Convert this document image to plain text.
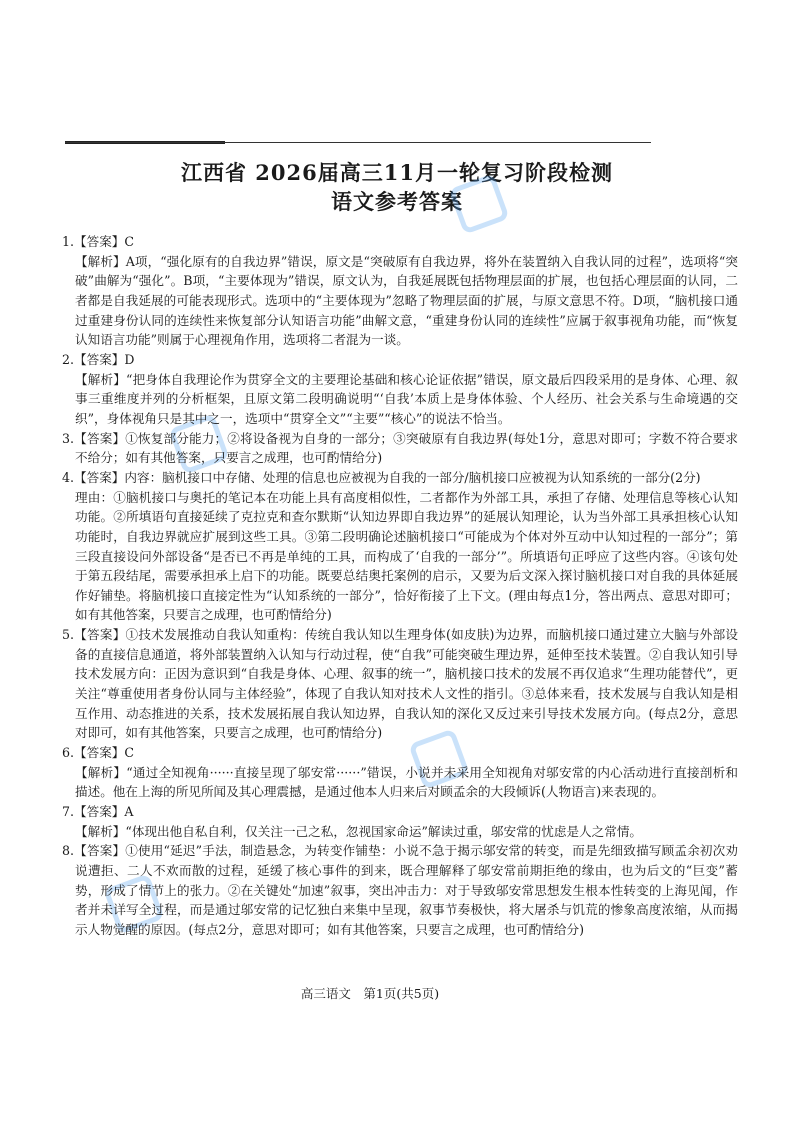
江西省 2026届高三11月一轮复习阶段检测
语文参考答案

1.【答案】C

【解析】A项，“强化原有的自我边界”错误，原文是“突破原有自我边界，将外在装置纳入自我认同的过程”，选项将“突破”曲解为“强化”。B项，“主要体现为”错误，原文认为，自我延展既包括物理层面的扩展，也包括心理层面的认同，二者都是自我延展的可能表现形式。选项中的“主要体现为”忽略了物理层面的扩展，与原文意思不符。D项，“脑机接口通过重建身份认同的连续性来恢复部分认知语言功能”曲解文意，“重建身份认同的连续性”应属于叙事视角功能，而“恢复认知语言功能”则属于心理视角作用，选项将二者混为一谈。

2.【答案】D

【解析】“把身体自我理论作为贯穿全文的主要理论基础和核心论证依据”错误，原文最后四段采用的是身体、心理、叙事三重维度并列的分析框架，且原文第二段明确说明“‘自我’本质上是身体体验、个人经历、社会关系与生命境遇的交织”，身体视角只是其中之一，选项中“贯穿全文”“主要”“核心”的说法不恰当。

3.【答案】①恢复部分能力；②将设备视为自身的一部分；③突破原有自我边界(每处1分，意思对即可；字数不符合要求不给分；如有其他答案，只要言之成理，也可酌情给分)

4.【答案】内容：脑机接口中存储、处理的信息也应被视为自我的一部分/脑机接口应被视为认知系统的一部分(2分)

理由：①脑机接口与奥托的笔记本在功能上具有高度相似性，二者都作为外部工具，承担了存储、处理信息等核心认知功能。②所填语句直接延续了克拉克和查尔默斯“认知边界即自我边界”的延展认知理论，认为当外部工具承担核心认知功能时，自我边界就应扩展到这些工具。③第二段明确论述脑机接口“可能成为个体对外互动中认知过程的一部分”；第三段直接设问外部设备“是否已不再是单纯的工具，而构成了‘自我的一部分’”。所填语句正呼应了这些内容。④该句处于第五段结尾，需要承担承上启下的功能。既要总结奥托案例的启示，又要为后文深入探讨脑机接口对自我的具体延展作好铺垫。将脑机接口直接定性为“认知系统的一部分”，恰好衔接了上下文。(理由每点1分，答出两点、意思对即可；如有其他答案，只要言之成理，也可酌情给分)

5.【答案】①技术发展推动自我认知重构：传统自我认知以生理身体(如皮肤)为边界，而脑机接口通过建立大脑与外部设备的直接信息通道，将外部装置纳入认知与行动过程，使“自我”可能突破生理边界，延伸至技术装置。②自我认知引导技术发展方向：正因为意识到“自我是身体、心理、叙事的统一”，脑机接口技术的发展不再仅追求“生理功能替代”，更关注“尊重使用者身份认同与主体经验”，体现了自我认知对技术人文性的指引。③总体来看，技术发展与自我认知是相互作用、动态推进的关系，技术发展拓展自我认知边界，自我认知的深化又反过来引导技术发展方向。(每点2分，意思对即可，如有其他答案，只要言之成理，也可酌情给分)

6.【答案】C

【解析】“通过全知视角······直接呈现了邬安常······”错误，小说并未采用全知视角对邬安常的内心活动进行直接剖析和描述。他在上海的所见所闻及其心理震撼，是通过他本人归来后对顾孟余的大段倾诉(人物语言)来表现的。

7.【答案】A

【解析】“体现出他自私自利，仅关注一己之私，忽视国家命运”解读过重，邬安常的忧虑是人之常情。

8.【答案】①使用“延迟”手法，制造悬念，为转变作铺垫：小说不急于揭示邬安常的转变，而是先细致描写顾孟余初次劝说遭拒、二人不欢而散的过程，延缓了核心事件的到来，既合理解释了邬安常前期拒绝的缘由，也为后文的“巨变”蓄势，形成了情节上的张力。②在关键处“加速”叙事，突出冲击力：对于导致邬安常思想发生根本性转变的上海见闻，作者并未详写全过程，而是通过邬安常的记忆独白来集中呈现，叙事节奏极快，将大屠杀与饥荒的惨象高度浓缩，从而揭示人物觉醒的原因。(每点2分，意思对即可；如有其他答案，只要言之成理，也可酌情给分)

高三语文　第1页(共5页)
